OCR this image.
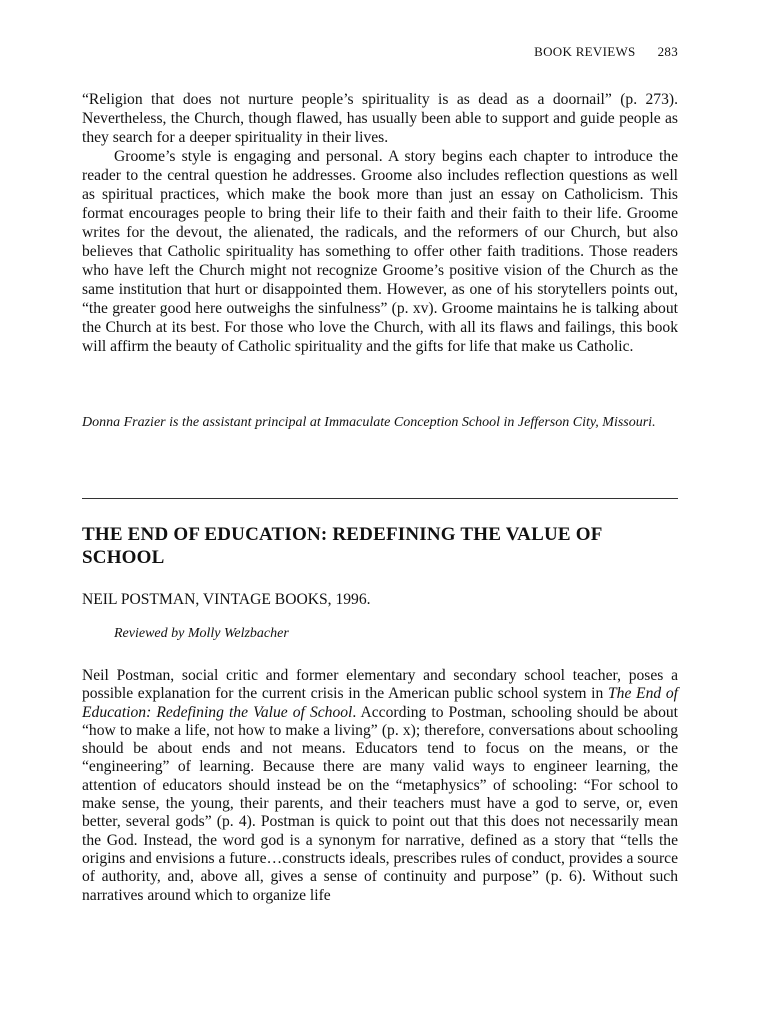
BOOK REVIEWS 283

“Religion that does not nurture people’s spirituality is as dead as a doornail” (p. 273). Nevertheless, the Church, though flawed, has usually been able to support and guide people as they search for a deeper spirituality in their lives.

Groome’s style is engaging and personal. A story begins each chapter to introduce the reader to the central question he addresses. Groome also includes reflection questions as well as spiritual practices, which make the book more than just an essay on Catholicism. This format encourages people to bring their life to their faith and their faith to their life. Groome writes for the devout, the alienated, the radicals, and the reformers of our Church, but also believes that Catholic spirituality has something to offer other faith traditions. Those readers who have left the Church might not recognize Groome’s positive vision of the Church as the same institution that hurt or disappointed them. However, as one of his storytellers points out, “the greater good here outweighs the sinfulness” (p. xv). Groome maintains he is talking about the Church at its best. For those who love the Church, with all its flaws and failings, this book will affirm the beauty of Catholic spirituality and the gifts for life that make us Catholic.

Donna Frazier is the assistant principal at Immaculate Conception School in Jefferson City, Missouri.

THE END OF EDUCATION: REDEFINING THE VALUE OF SCHOOL

NEIL POSTMAN, VINTAGE BOOKS, 1996.

Reviewed by Molly Welzbacher

Neil Postman, social critic and former elementary and secondary school teacher, poses a possible explanation for the current crisis in the American public school system in The End of Education: Redefining the Value of School. According to Postman, schooling should be about “how to make a life, not how to make a living” (p. x); therefore, conversations about schooling should be about ends and not means. Educators tend to focus on the means, or the “engineering” of learning. Because there are many valid ways to engineer learning, the attention of educators should instead be on the “metaphysics” of schooling: “For school to make sense, the young, their parents, and their teachers must have a god to serve, or, even better, several gods” (p. 4). Postman is quick to point out that this does not necessarily mean the God. Instead, the word god is a synonym for narrative, defined as a story that “tells the origins and envisions a future…constructs ideals, prescribes rules of conduct, provides a source of authority, and, above all, gives a sense of continuity and purpose” (p. 6). Without such narratives around which to organize life
